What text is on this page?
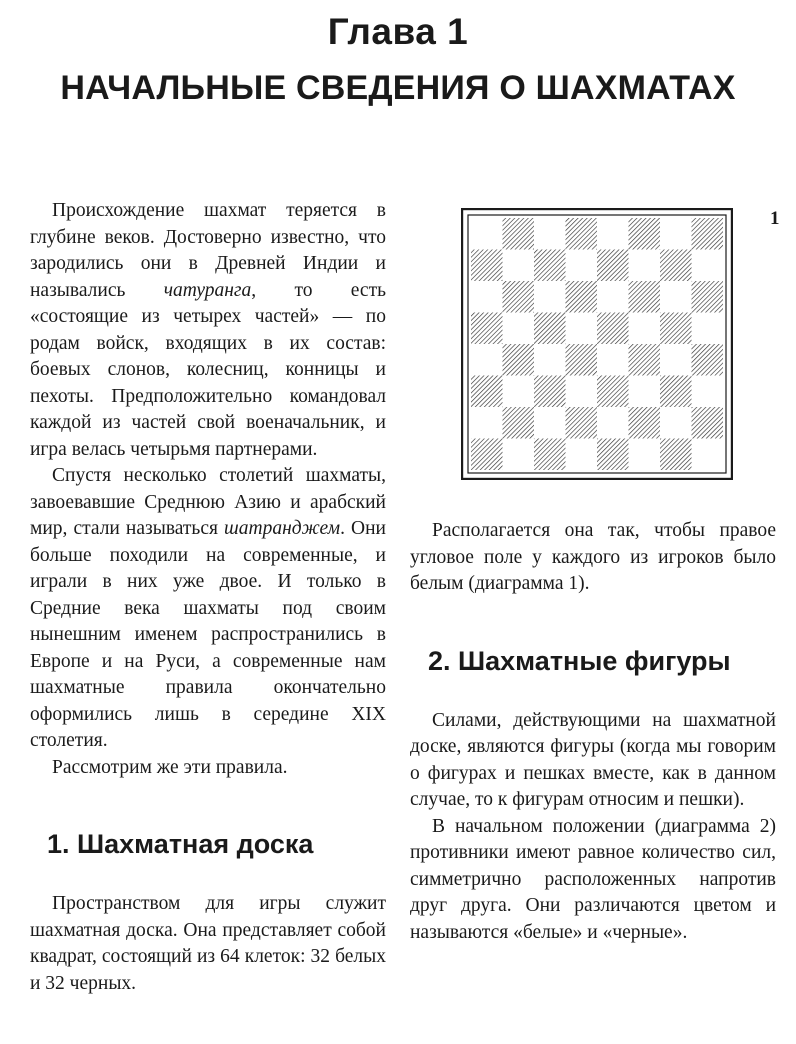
Глава 1
НАЧАЛЬНЫЕ СВЕДЕНИЯ О ШАХМАТАХ

Происхождение шахмат теряется в глубине веков. Достоверно известно, что зародились они в Древней Индии и назывались чатуранга, то есть «состоящие из четырех частей» — по родам войск, входящих в их состав: боевых слонов, колесниц, конницы и пехоты. Предположительно командовал каждой из частей свой военачальник, и игра велась четырьмя партнерами.

Спустя несколько столетий шахматы, завоевавшие Среднюю Азию и арабский мир, стали называться шатранджем. Они больше походили на современные, и играли в них уже двое. И только в Средние века шахматы под своим нынешним именем распространились в Европе и на Руси, а современные нам шахматные правила окончательно оформились лишь в середине XIX столетия.

Рассмотрим же эти правила.

1. Шахматная доска

Пространством для игры служит шахматная доска. Она представляет собой квадрат, состоящий из 64 клеток: 32 белых и 32 черных.

1

Располагается она так, чтобы правое угловое поле у каждого из игроков было белым (диаграмма 1).

2. Шахматные фигуры

Силами, действующими на шахматной доске, являются фигуры (когда мы говорим о фигурах и пешках вместе, как в данном случае, то к фигурам относим и пешки).

В начальном положении (диаграмма 2) противники имеют равное количество сил, симметрично расположенных напротив друг друга. Они различаются цветом и называются «белые» и «черные».
